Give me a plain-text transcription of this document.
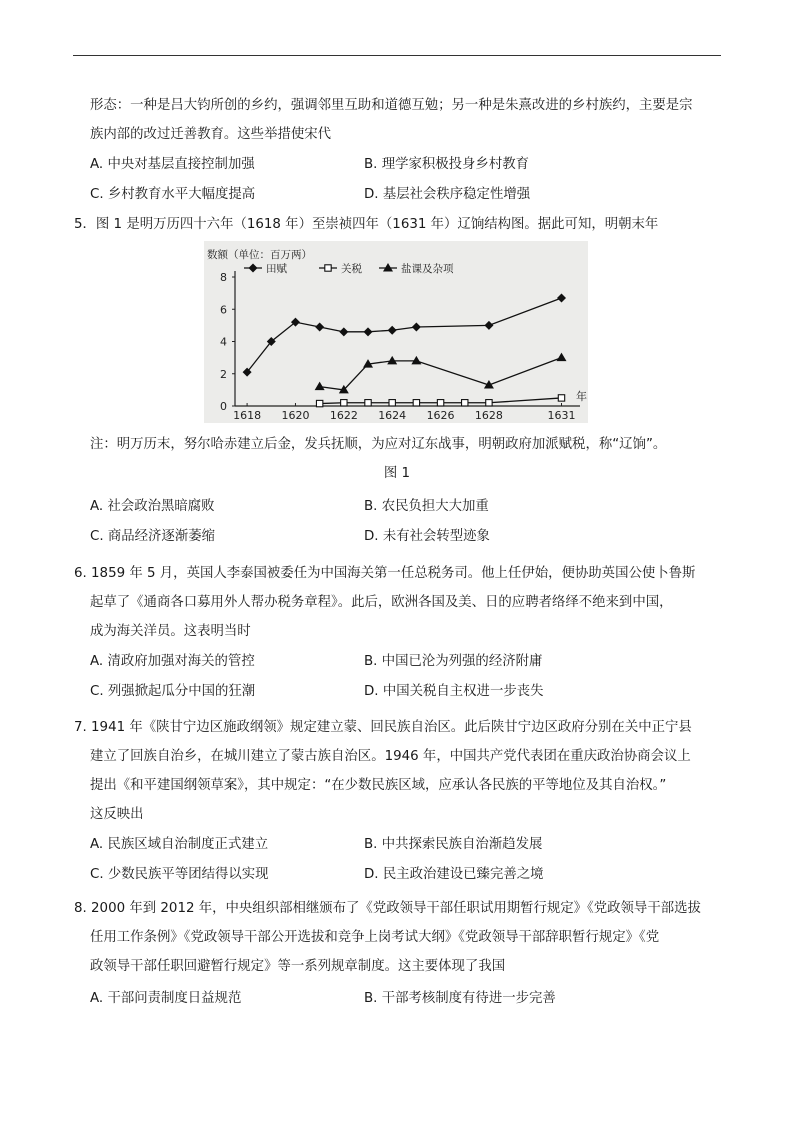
形态：一种是吕大钧所创的乡约，强调邻里互助和道德互勉；另一种是朱熹改进的乡村族约，主要是宗
族内部的改过迁善教育。这些举措使宋代
A. 中央对基层直接控制加强	B. 理学家积极投身乡村教育
C. 乡村教育水平大幅度提高	D. 基层社会秩序稳定性增强
5．图 1 是明万历四十六年（1618 年）至崇祯四年（1631 年）辽饷结构图。据此可知，明朝末年
0
2
4
6
8
1618 1620 1622 1624 1626 1628	1631
数额（单位：百万两）
年
田赋	关税	盐课及杂项
注：明万历末，努尔哈赤建立后金，发兵抚顺，为应对辽东战事，明朝政府加派赋税，称“辽饷”。
图 1
A. 社会政治黑暗腐败	B. 农民负担大大加重
C. 商品经济逐渐萎缩	D. 未有社会转型迹象
6. 1859 年 5 月，英国人李泰国被委任为中国海关第一任总税务司。他上任伊始，便协助英国公使卜鲁斯
起草了《通商各口募用外人帮办税务章程》。此后，欧洲各国及美、日的应聘者络绎不绝来到中国，
成为海关洋员。这表明当时
A. 清政府加强对海关的管控	B. 中国已沦为列强的经济附庸
C. 列强掀起瓜分中国的狂潮	D. 中国关税自主权进一步丧失
7. 1941 年《陕甘宁边区施政纲领》规定建立蒙、回民族自治区。此后陕甘宁边区政府分别在关中正宁县
建立了回族自治乡，在城川建立了蒙古族自治区。1946 年，中国共产党代表团在重庆政治协商会议上
提出《和平建国纲领草案》，其中规定：“在少数民族区域，应承认各民族的平等地位及其自治权。”
这反映出
A. 民族区域自治制度正式建立	B. 中共探索民族自治渐趋发展
C. 少数民族平等团结得以实现	D. 民主政治建设已臻完善之境
8. 2000 年到 2012 年，中央组织部相继颁布了《党政领导干部任职试用期暂行规定》《党政领导干部选拔
任用工作条例》《党政领导干部公开选拔和竞争上岗考试大纲》《党政领导干部辞职暂行规定》《党
政领导干部任职回避暂行规定》等一系列规章制度。这主要体现了我国
A. 干部问责制度日益规范	B. 干部考核制度有待进一步完善
